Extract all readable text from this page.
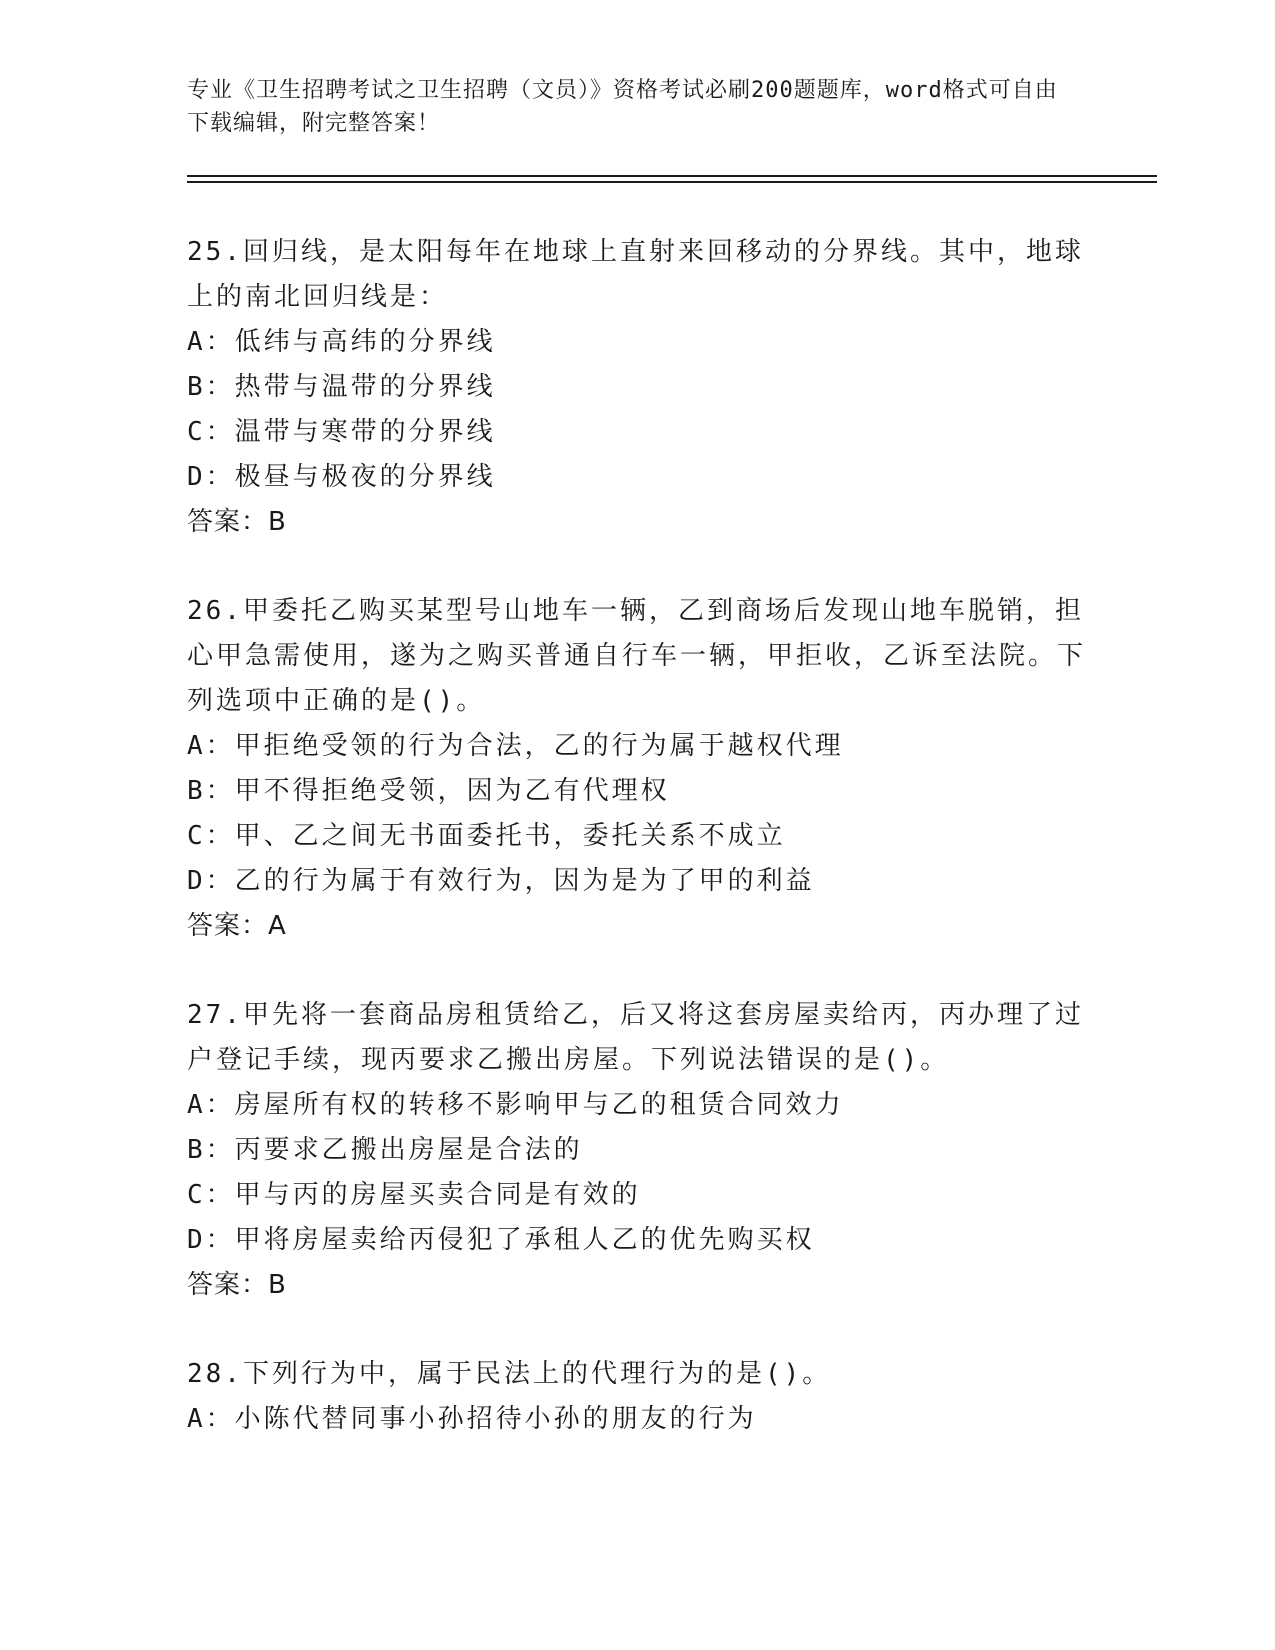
专业《卫生招聘考试之卫生招聘（文员）》资格考试必刷200题题库，word格式可自由下载编辑，附完整答案！

25.回归线，是太阳每年在地球上直射来回移动的分界线。其中，地球上的南北回归线是：

A：低纬与高纬的分界线

B：热带与温带的分界线

C：温带与寒带的分界线

D：极昼与极夜的分界线

答案：B

26.甲委托乙购买某型号山地车一辆，乙到商场后发现山地车脱销，担心甲急需使用，遂为之购买普通自行车一辆，甲拒收，乙诉至法院。下列选项中正确的是()。

A：甲拒绝受领的行为合法，乙的行为属于越权代理

B：甲不得拒绝受领，因为乙有代理权

C：甲、乙之间无书面委托书，委托关系不成立

D：乙的行为属于有效行为，因为是为了甲的利益

答案：A

27.甲先将一套商品房租赁给乙，后又将这套房屋卖给丙，丙办理了过户登记手续，现丙要求乙搬出房屋。下列说法错误的是()。

A：房屋所有权的转移不影响甲与乙的租赁合同效力

B：丙要求乙搬出房屋是合法的

C：甲与丙的房屋买卖合同是有效的

D：甲将房屋卖给丙侵犯了承租人乙的优先购买权

答案：B

28.下列行为中，属于民法上的代理行为的是()。

A：小陈代替同事小孙招待小孙的朋友的行为
